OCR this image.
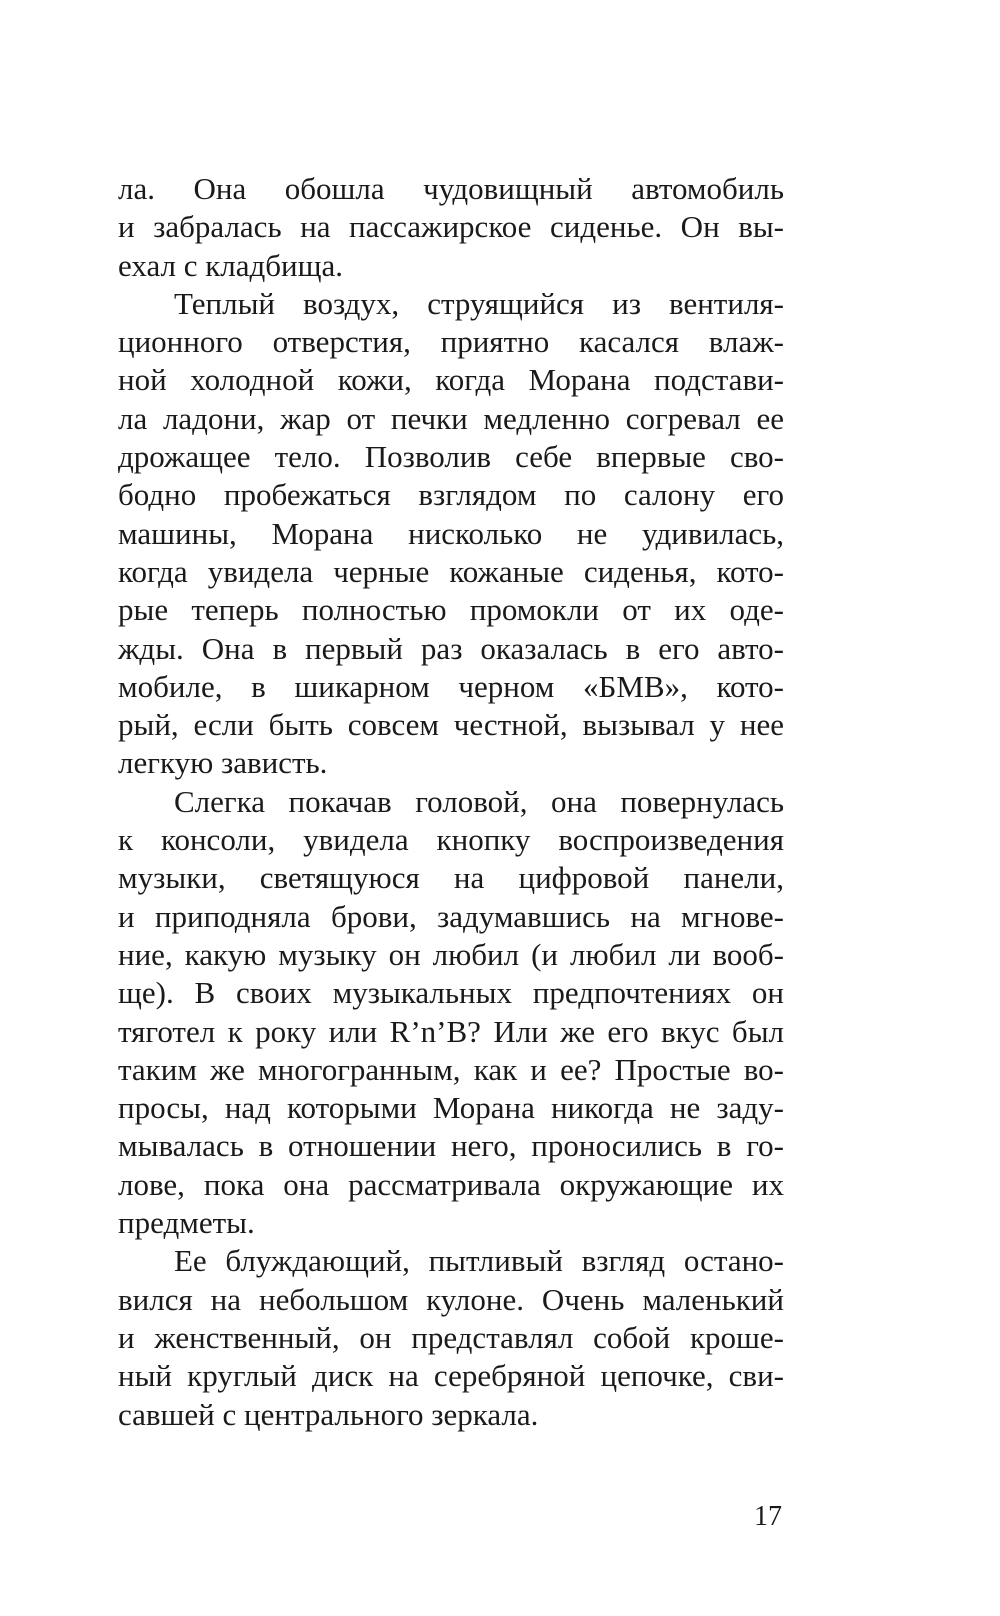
ла. Она обошла чудовищный автомобиль
и забралась на пассажирское сиденье. Он вы-
ехал с кладбища.
Теплый воздух, струящийся из вентиля-
ционного отверстия, приятно касался влаж-
ной холодной кожи, когда Морана подстави-
ла ладони, жар от печки медленно согревал ее
дрожащее тело. Позволив себе впервые сво-
бодно пробежаться взглядом по салону его
машины, Морана нисколько не удивилась,
когда увидела черные кожаные сиденья, кото-
рые теперь полностью промокли от их оде-
жды. Она в первый раз оказалась в его авто-
мобиле, в шикарном черном «БМВ», кото-
рый, если быть совсем честной, вызывал у нее
легкую зависть.
Слегка покачав головой, она повернулась
к консоли, увидела кнопку воспроизведения
музыки, светящуюся на цифровой панели,
и приподняла брови, задумавшись на мгнове-
ние, какую музыку он любил (и любил ли вооб-
ще). В своих музыкальных предпочтениях он
тяготел к року или R’n’B? Или же его вкус был
таким же многогранным, как и ее? Простые во-
просы, над которыми Морана никогда не заду-
мывалась в отношении него, проносились в го-
лове, пока она рассматривала окружающие их
предметы.
Ее блуждающий, пытливый взгляд остано-
вился на небольшом кулоне. Очень маленький
и женственный, он представлял собой кроше-
ный круглый диск на серебряной цепочке, сви-
савшей с центрального зеркала.
17
